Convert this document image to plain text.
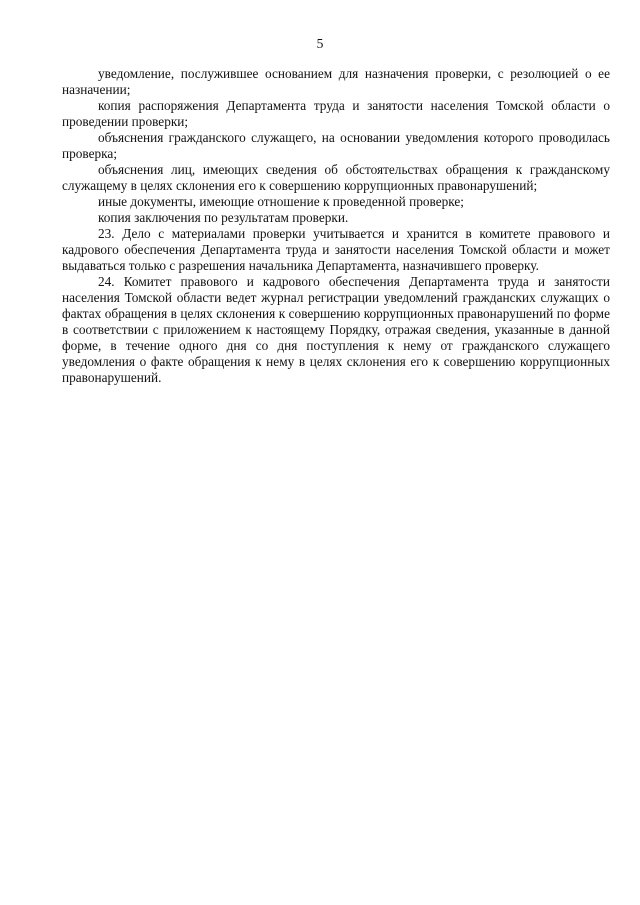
5

уведомление, послужившее основанием для назначения проверки, с резолюцией о ее назначении;

копия распоряжения Департамента труда и занятости населения Томской области о проведении проверки;

объяснения гражданского служащего, на основании уведомления которого проводилась проверка;

объяснения лиц, имеющих сведения об обстоятельствах обращения к гражданскому служащему в целях склонения его к совершению коррупционных правонарушений;

иные документы, имеющие отношение к проведенной проверке;

копия заключения по результатам проверки.

23. Дело с материалами проверки учитывается и хранится в комитете правового и кадрового обеспечения Департамента труда и занятости населения Томской области и может выдаваться только с разрешения начальника Департамента, назначившего проверку.

24. Комитет правового и кадрового обеспечения Департамента труда и занятости населения Томской области ведет журнал регистрации уведомлений гражданских служащих о фактах обращения в целях склонения к совершению коррупционных правонарушений по форме в соответствии с приложением к настоящему Порядку, отражая сведения, указанные в данной форме, в течение одного дня со дня поступления к нему от гражданского служащего уведомления о факте обращения к нему в целях склонения его к совершению коррупционных правонарушений.
